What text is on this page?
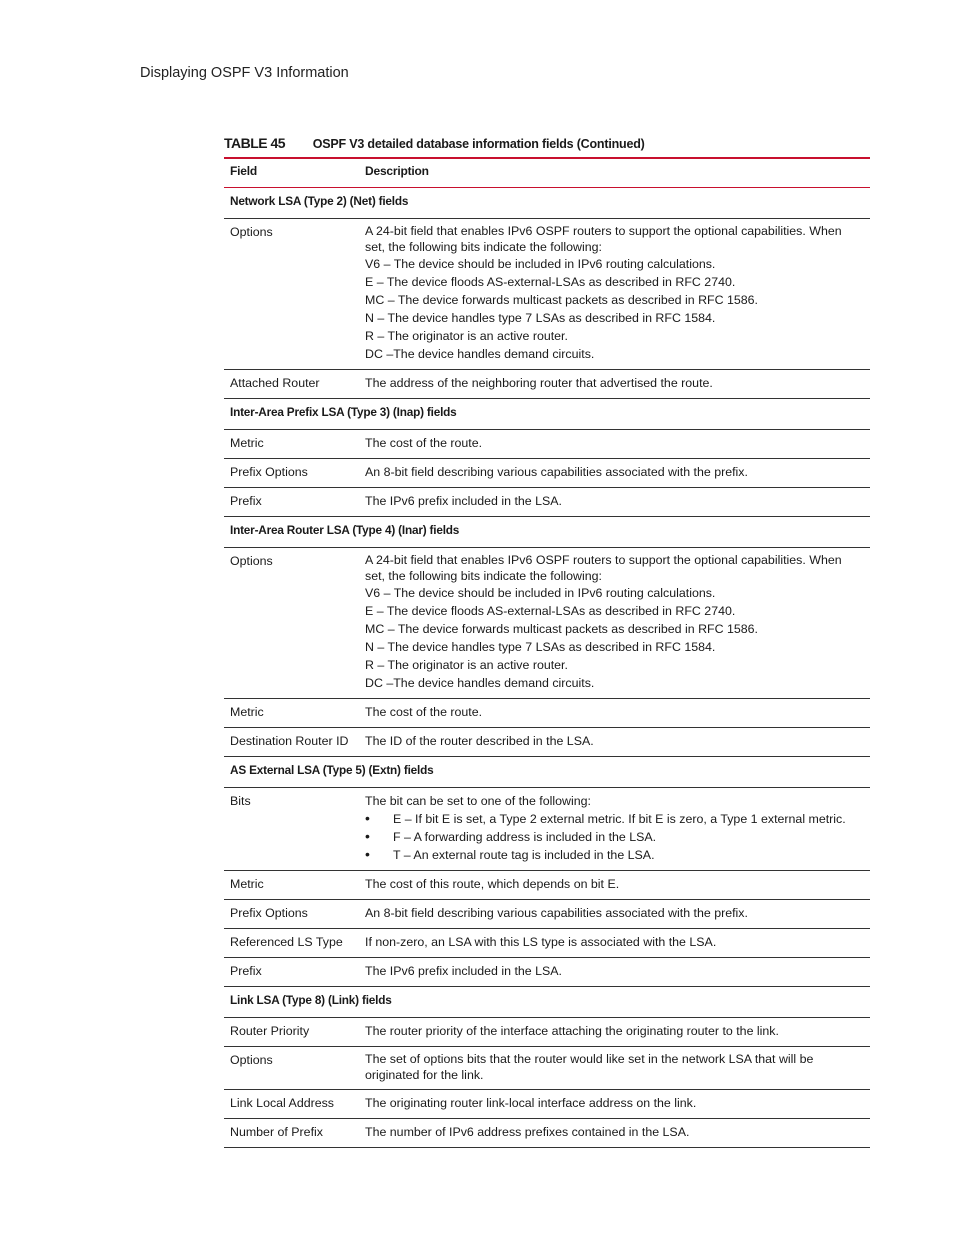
Displaying OSPF V3 Information
TABLE 45 OSPF V3 detailed database information fields (Continued)
Field	Description
Network LSA (Type 2) (Net) fields
Options	A 24-bit field that enables IPv6 OSPF routers to support the optional capabilities. When set, the following bits indicate the following:
V6 – The device should be included in IPv6 routing calculations.
E – The device floods AS-external-LSAs as described in RFC 2740.
MC – The device forwards multicast packets as described in RFC 1586.
N – The device handles type 7 LSAs as described in RFC 1584.
R – The originator is an active router.
DC –The device handles demand circuits.
Attached Router	The address of the neighboring router that advertised the route.
Inter-Area Prefix LSA (Type 3) (Inap) fields
Metric	The cost of the route.
Prefix Options	An 8-bit field describing various capabilities associated with the prefix.
Prefix	The IPv6 prefix included in the LSA.
Inter-Area Router LSA (Type 4) (Inar) fields
Options	A 24-bit field that enables IPv6 OSPF routers to support the optional capabilities. When set, the following bits indicate the following:
V6 – The device should be included in IPv6 routing calculations.
E – The device floods AS-external-LSAs as described in RFC 2740.
MC – The device forwards multicast packets as described in RFC 1586.
N – The device handles type 7 LSAs as described in RFC 1584.
R – The originator is an active router.
DC –The device handles demand circuits.
Metric	The cost of the route.
Destination Router ID	The ID of the router described in the LSA.
AS External LSA (Type 5) (Extn) fields
Bits	The bit can be set to one of the following:
• E – If bit E is set, a Type 2 external metric. If bit E is zero, a Type 1 external metric.
• F – A forwarding address is included in the LSA.
• T – An external route tag is included in the LSA.
Metric	The cost of this route, which depends on bit E.
Prefix Options	An 8-bit field describing various capabilities associated with the prefix.
Referenced LS Type	If non-zero, an LSA with this LS type is associated with the LSA.
Prefix	The IPv6 prefix included in the LSA.
Link LSA (Type 8) (Link) fields
Router Priority	The router priority of the interface attaching the originating router to the link.
Options	The set of options bits that the router would like set in the network LSA that will be originated for the link.
Link Local Address	The originating router link-local interface address on the link.
Number of Prefix	The number of IPv6 address prefixes contained in the LSA.
